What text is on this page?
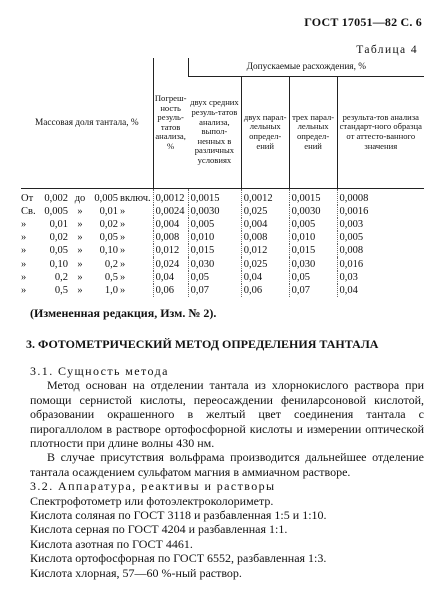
ГОСТ 17051—82 С. 6
Таблица 4
Массовая доля тантала, %	Погреш-ность резуль-татов анализа, %	Допускаемые расхождения, %			
		двух средних резуль-татов анализа, выпол-ненных в различных условиях	двух парал-лельных определ-ений	трех парал-лельных определ-ений	результа-тов анализа стандарт-ного образца от аттесто-ванного значения
От 0,002 до 0,005 включ.	0,0012	0,0015	0,0012	0,0015	0,0008
Св. 0,005 » 0,01 »	0,0024	0,0030	0,025	0,0030	0,0016
» 0,01 » 0,02 »	0,004	0,005	0,004	0,005	0,003
» 0,02 » 0,05 »	0,008	0,010	0,008	0,010	0,005
» 0,05 » 0,10 »	0,012	0,015	0,012	0,015	0,008
» 0,10 » 0,2 »	0,024	0,030	0,025	0,030	0,016
» 0,2 » 0,5 »	0,04	0,05	0,04	0,05	0,03
» 0,5 » 1,0 »	0,06	0,07	0,06	0,07	0,04
(Измененная редакция, Изм. № 2).
3. ФОТОМЕТРИЧЕСКИЙ МЕТОД ОПРЕДЕЛЕНИЯ ТАНТАЛА

3.1. Сущность метода

Метод основан на отделении тантала из хлорнокислого раствора при помощи сернистой кислоты, переосаждении фениларсоновой кислотой, образовании окрашенного в желтый цвет соединения тантала с пирогаллолом в растворе ортофосфорной кислоты и измерении оптической плотности при длине волны 430 нм.

В случае присутствия вольфрама производится дальнейшее отделение тантала осаждением сульфатом магния в аммиачном растворе.

3.2. Аппаратура, реактивы и растворы

Спектрофотометр или фотоэлектроколориметр.

Кислота соляная по ГОСТ 3118 и разбавленная 1:5 и 1:10.

Кислота серная по ГОСТ 4204 и разбавленная 1:1.

Кислота азотная по ГОСТ 4461.

Кислота ортофосфорная по ГОСТ 6552, разбавленная 1:3.

Кислота хлорная, 57—60 %-ный раствор.
